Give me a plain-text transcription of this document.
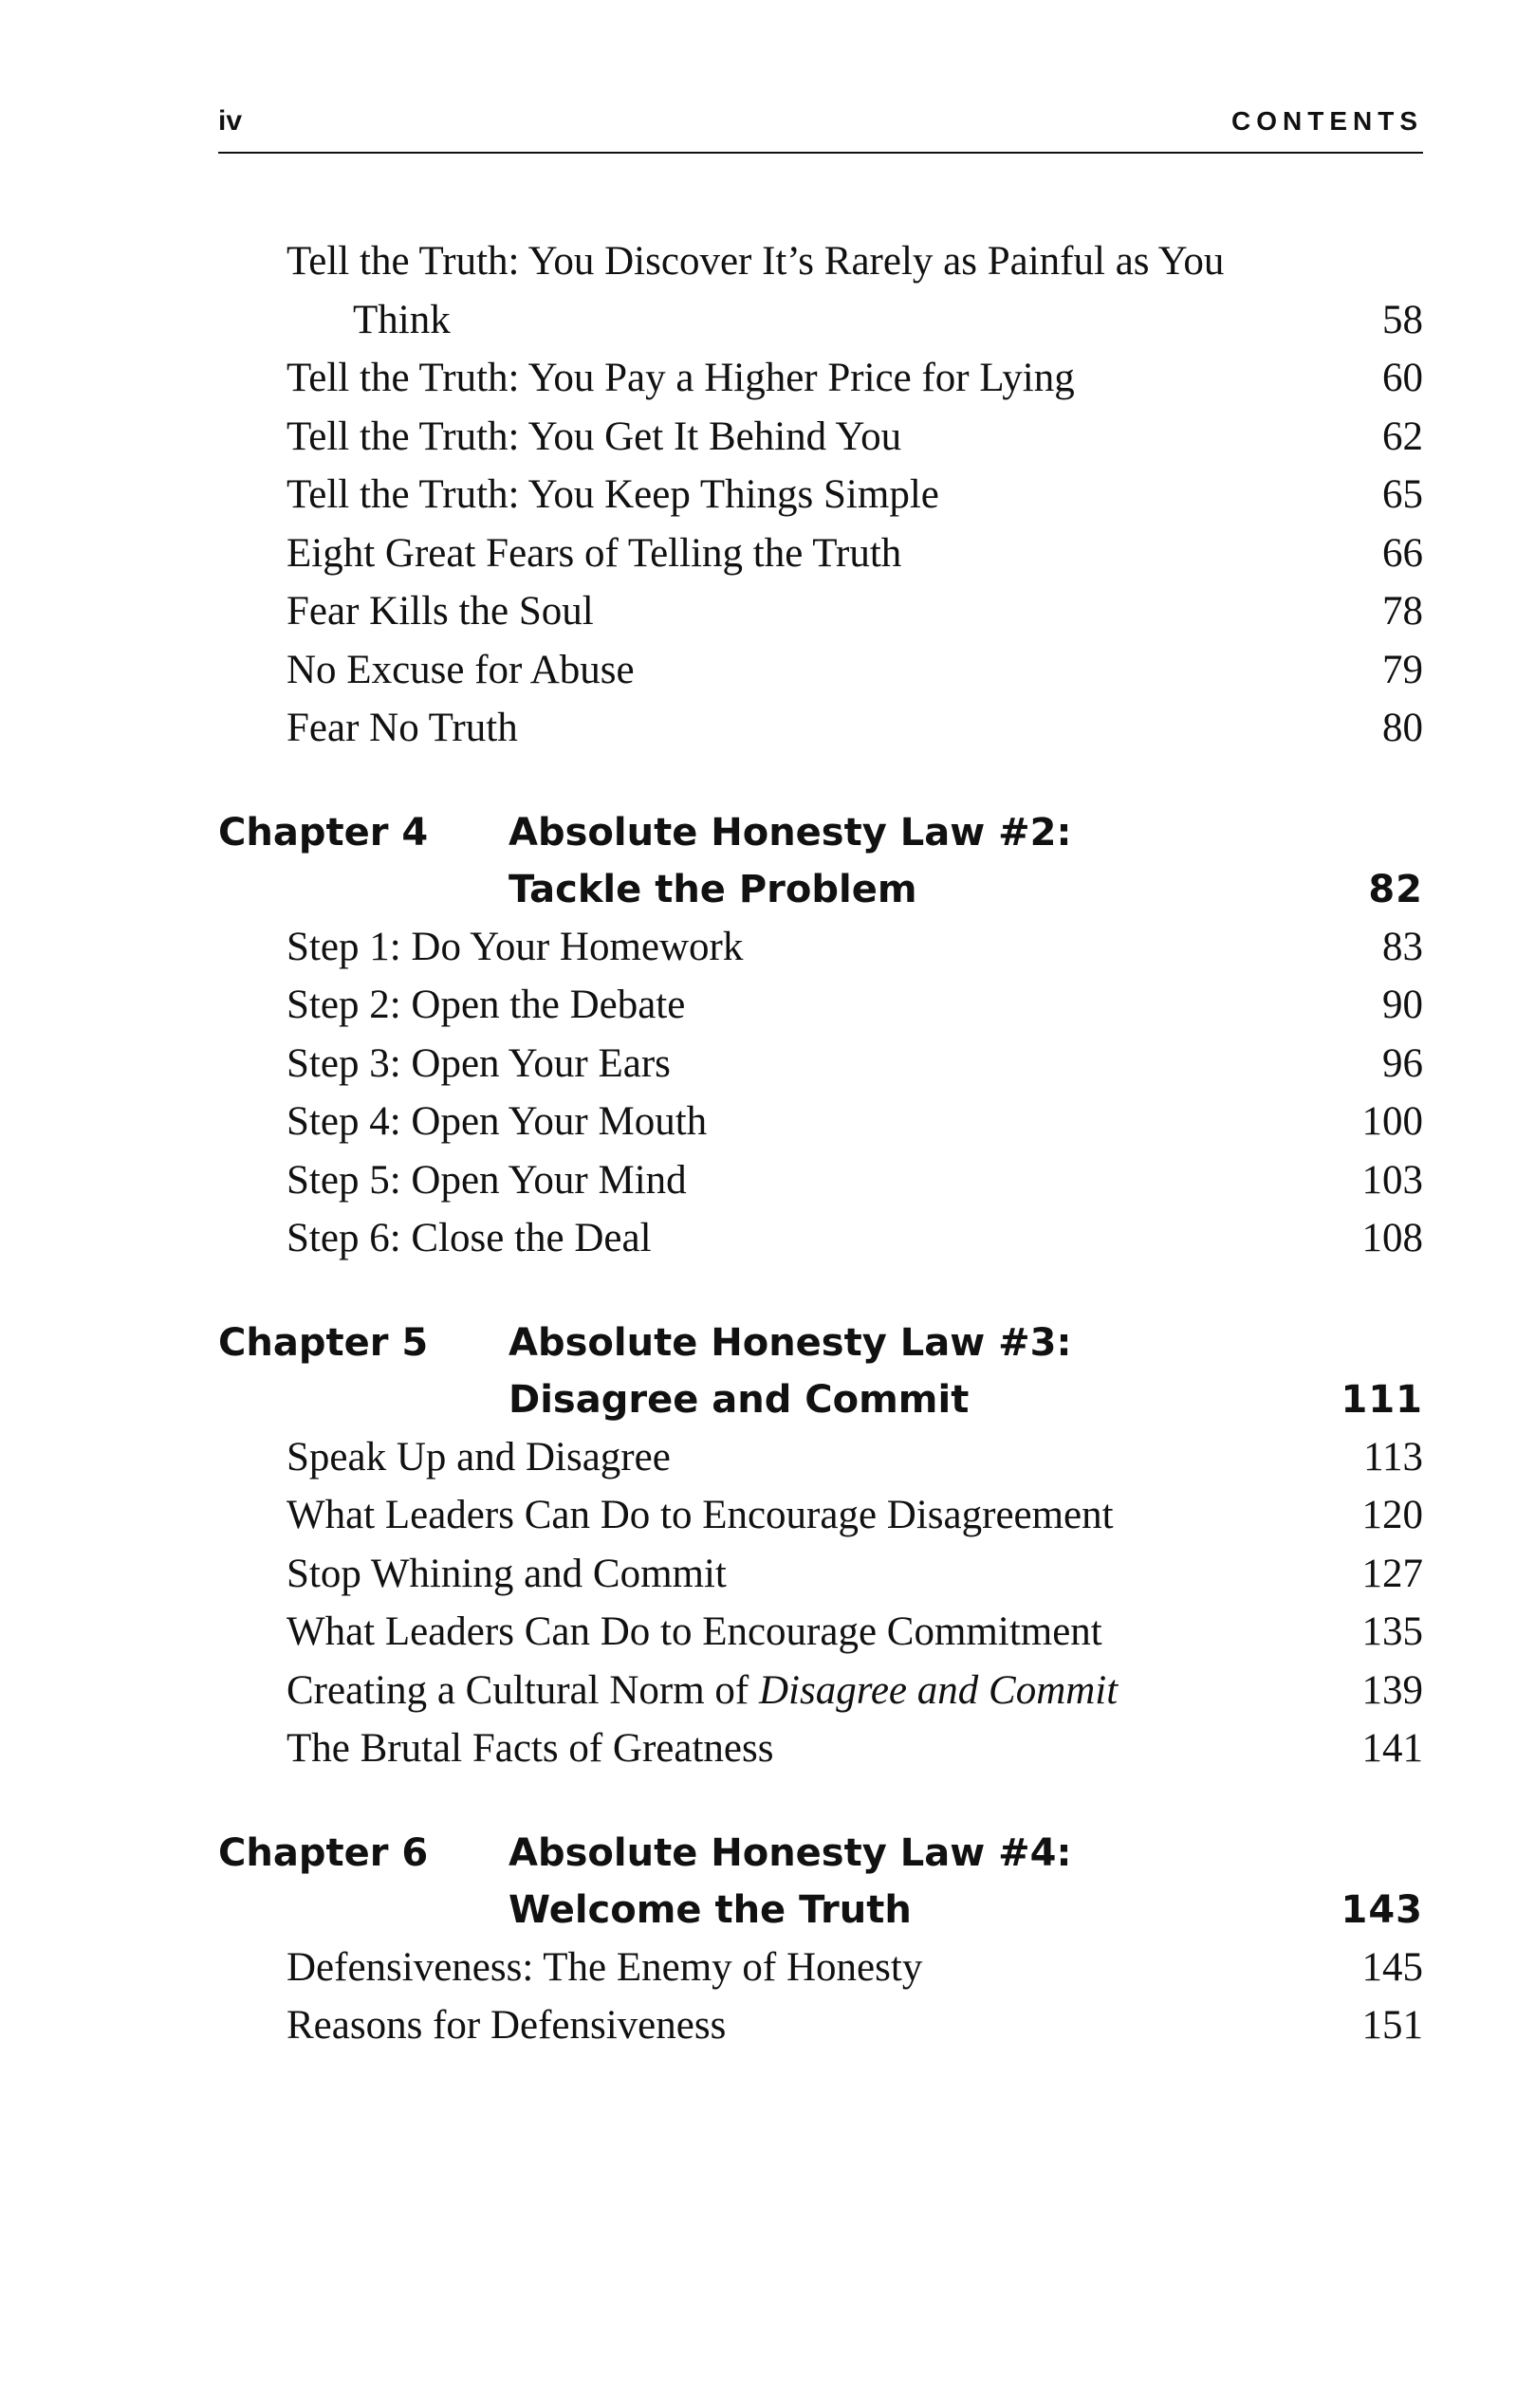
iv	CONTENTS
Tell the Truth: You Discover It’s Rarely as Painful as You Think	58
Tell the Truth: You Pay a Higher Price for Lying	60
Tell the Truth: You Get It Behind You	62
Tell the Truth: You Keep Things Simple	65
Eight Great Fears of Telling the Truth	66
Fear Kills the Soul	78
No Excuse for Abuse	79
Fear No Truth	80
Chapter 4 Absolute Honesty Law #2:
Tackle the Problem	82
Step 1: Do Your Homework	83
Step 2: Open the Debate	90
Step 3: Open Your Ears	96
Step 4: Open Your Mouth	100
Step 5: Open Your Mind	103
Step 6: Close the Deal	108
Chapter 5 Absolute Honesty Law #3:
Disagree and Commit	111
Speak Up and Disagree	113
What Leaders Can Do to Encourage Disagreement	120
Stop Whining and Commit	127
What Leaders Can Do to Encourage Commitment	135
Creating a Cultural Norm of Disagree and Commit	139
The Brutal Facts of Greatness	141
Chapter 6 Absolute Honesty Law #4:
Welcome the Truth	143
Defensiveness: The Enemy of Honesty	145
Reasons for Defensiveness	151
